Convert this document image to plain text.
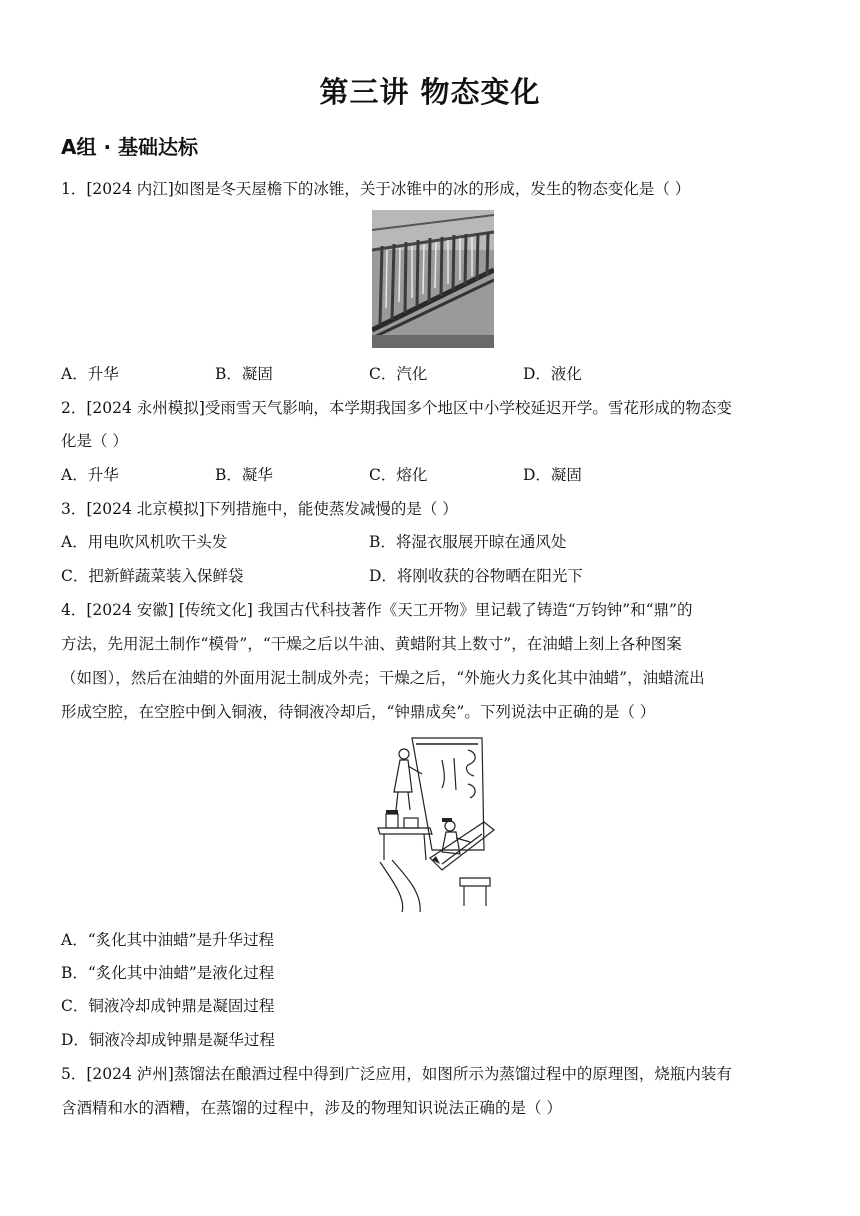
第三讲 物态变化
A组 · 基础达标
1．[2024 内江]如图是冬天屋檐下的冰锥，关于冰锥中的冰的形成，发生的物态变化是（ ）
A．升华	B．凝固	C．汽化	D．液化
2．[2024 永州模拟]受雨雪天气影响，本学期我国多个地区中小学校延迟开学。雪花形成的物态变
化是（ ）
A．升华	B．凝华	C．熔化	D．凝固
3．[2024 北京模拟]下列措施中，能使蒸发减慢的是（ ）
A．用电吹风机吹干头发	B．将湿衣服展开晾在通风处
C．把新鲜蔬菜装入保鲜袋	D．将刚收获的谷物晒在阳光下
4．[2024 安徽] [传统文化] 我国古代科技著作《天工开物》里记载了铸造“万钧钟”和“鼎”的
方法，先用泥土制作“模骨”，“干燥之后以牛油、黄蜡附其上数寸”，在油蜡上刻上各种图案
（如图），然后在油蜡的外面用泥土制成外壳；干燥之后，“外施火力炙化其中油蜡”，油蜡流出
形成空腔，在空腔中倒入铜液，待铜液冷却后，“钟鼎成矣”。下列说法中正确的是（ ）
A．“炙化其中油蜡”是升华过程
B．“炙化其中油蜡”是液化过程
C．铜液冷却成钟鼎是凝固过程
D．铜液冷却成钟鼎是凝华过程
5．[2024 泸州]蒸馏法在酿酒过程中得到广泛应用，如图所示为蒸馏过程中的原理图，烧瓶内装有
含酒精和水的酒糟，在蒸馏的过程中，涉及的物理知识说法正确的是（ ）
